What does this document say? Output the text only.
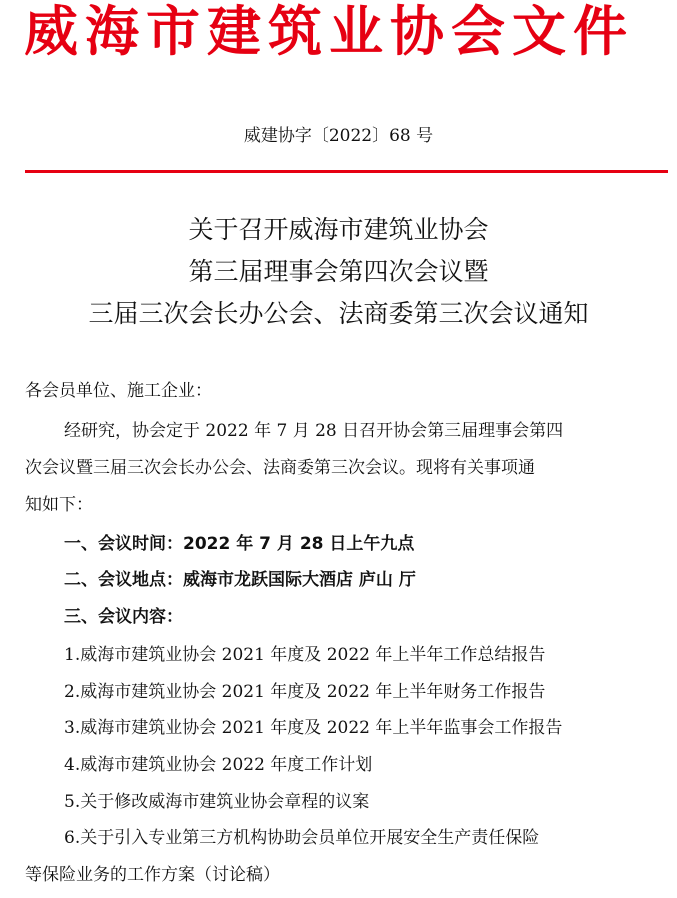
威海市建筑业协会文件
威建协字〔2022〕68 号
关于召开威海市建筑业协会
第三届理事会第四次会议暨
三届三次会长办公会、法商委第三次会议通知
各会员单位、施工企业：
经研究，协会定于 2022 年 7 月 28 日召开协会第三届理事会第四
次会议暨三届三次会长办公会、法商委第三次会议。现将有关事项通
知如下：
一、会议时间：2022 年 7 月 28 日上午九点
二、会议地点：威海市龙跃国际大酒店 庐山 厅
三、会议内容：
1.威海市建筑业协会 2021 年度及 2022 年上半年工作总结报告
2.威海市建筑业协会 2021 年度及 2022 年上半年财务工作报告
3.威海市建筑业协会 2021 年度及 2022 年上半年监事会工作报告
4.威海市建筑业协会 2022 年度工作计划
5.关于修改威海市建筑业协会章程的议案
6.关于引入专业第三方机构协助会员单位开展安全生产责任保险
等保险业务的工作方案（讨论稿）
